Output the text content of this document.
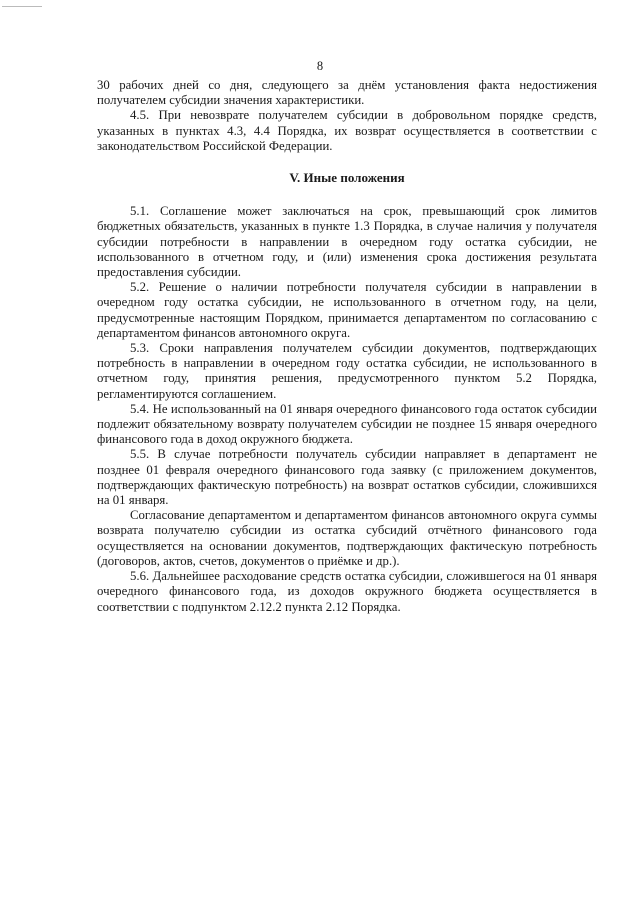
8

30 рабочих дней со дня, следующего за днём установления факта недостижения получателем субсидии значения характеристики.

4.5. При невозврате получателем субсидии в добровольном порядке средств, указанных в пунктах 4.3, 4.4 Порядка, их возврат осуществляется в соответствии с законодательством Российской Федерации.

V. Иные положения

5.1. Соглашение может заключаться на срок, превышающий срок лимитов бюджетных обязательств, указанных в пункте 1.3 Порядка, в случае наличия у получателя субсидии потребности в направлении в очередном году остатка субсидии, не использованного в отчетном году, и (или) изменения срока достижения результата предоставления субсидии.

5.2. Решение о наличии потребности получателя субсидии в направлении в очередном году остатка субсидии, не использованного в отчетном году, на цели, предусмотренные настоящим Порядком, принимается департаментом по согласованию с департаментом финансов автономного округа.

5.3. Сроки направления получателем субсидии документов, подтверждающих потребность в направлении в очередном году остатка субсидии, не использованного в отчетном году, принятия решения, предусмотренного пунктом 5.2 Порядка, регламентируются соглашением.

5.4. Не использованный на 01 января очередного финансового года остаток субсидии подлежит обязательному возврату получателем субсидии не позднее 15 января очередного финансового года в доход окружного бюджета.

5.5. В случае потребности получатель субсидии направляет в департамент не позднее 01 февраля очередного финансового года заявку (с приложением документов, подтверждающих фактическую потребность) на возврат остатков субсидии, сложившихся на 01 января.

Согласование департаментом и департаментом финансов автономного округа суммы возврата получателю субсидии из остатка субсидий отчётного финансового года осуществляется на основании документов, подтверждающих фактическую потребность (договоров, актов, счетов, документов о приёмке и др.).

5.6. Дальнейшее расходование средств остатка субсидии, сложившегося на 01 января очередного финансового года, из доходов окружного бюджета осуществляется в соответствии с подпунктом 2.12.2 пункта 2.12 Порядка.
